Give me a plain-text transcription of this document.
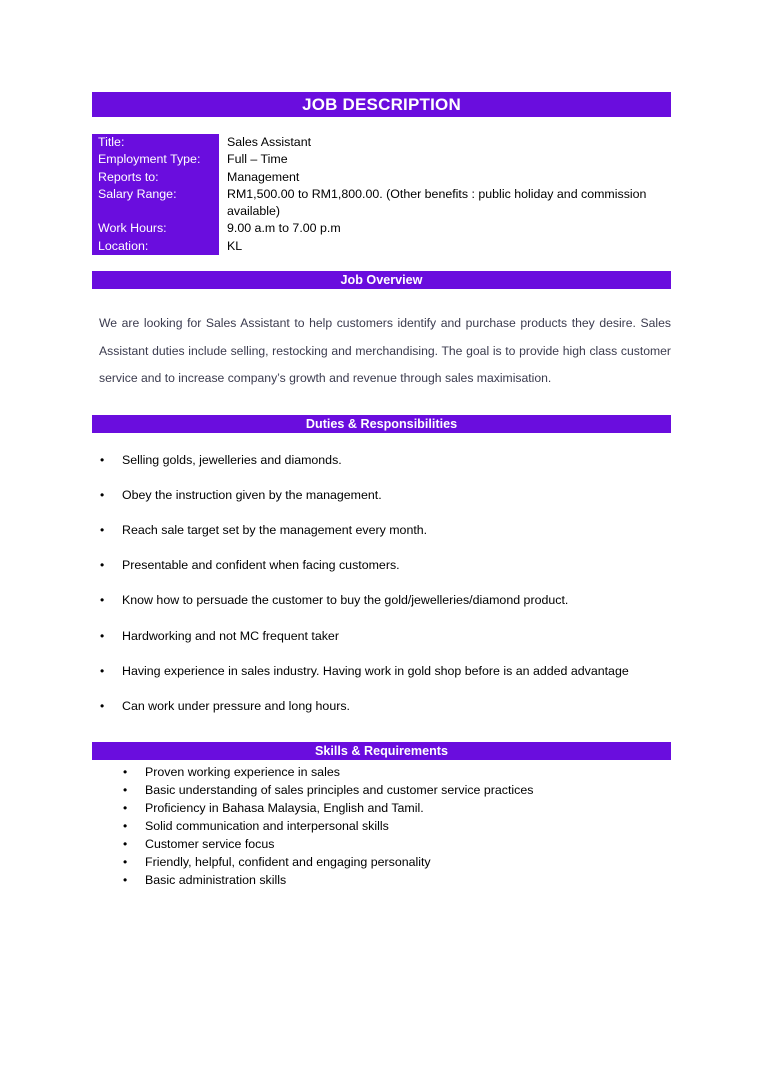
JOB DESCRIPTION
Title:	Sales Assistant
Employment Type:	Full – Time
Reports to:	Management
Salary Range:	RM1,500.00 to RM1,800.00. (Other benefits : public holiday and commission available)
Work Hours:	9.00 a.m to 7.00 p.m
Location:	KL
Job Overview

We are looking for Sales Assistant to help customers identify and purchase products they desire. Sales Assistant duties include selling, restocking and merchandising. The goal is to provide high class customer service and to increase company’s growth and revenue through sales maximisation.

Duties & Responsibilities
• Selling golds, jewelleries and diamonds.
• Obey the instruction given by the management.
• Reach sale target set by the management every month.
• Presentable and confident when facing customers.
• Know how to persuade the customer to buy the gold/jewelleries/diamond product.
• Hardworking and not MC frequent taker
• Having experience in sales industry. Having work in gold shop before is an added advantage
• Can work under pressure and long hours.
Skills & Requirements
• Proven working experience in sales
• Basic understanding of sales principles and customer service practices
• Proficiency in Bahasa Malaysia, English and Tamil.
• Solid communication and interpersonal skills
• Customer service focus
• Friendly, helpful, confident and engaging personality
• Basic administration skills
